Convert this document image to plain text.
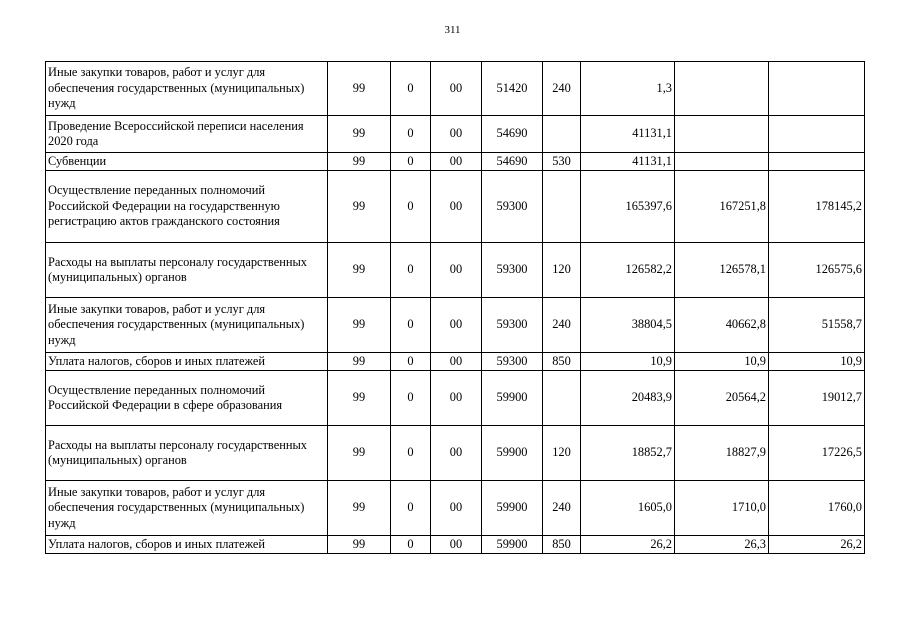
311
Иные закупки товаров, работ и услуг для обеспечения государственных (муниципальных) нужд	99	0	00	51420	240	1,3		
Проведение Всероссийской переписи населения 2020 года	99	0	00	54690		41131,1		
Субвенции	99	0	00	54690	530	41131,1		
Осуществление переданных полномочий Российской Федерации на государственную регистрацию актов гражданского состояния	99	0	00	59300		165397,6	167251,8	178145,2
Расходы на выплаты персоналу государственных (муниципальных) органов	99	0	00	59300	120	126582,2	126578,1	126575,6
Иные закупки товаров, работ и услуг для обеспечения государственных (муниципальных) нужд	99	0	00	59300	240	38804,5	40662,8	51558,7
Уплата налогов, сборов и иных платежей	99	0	00	59300	850	10,9	10,9	10,9
Осуществление переданных полномочий Российской Федерации в сфере образования	99	0	00	59900		20483,9	20564,2	19012,7
Расходы на выплаты персоналу государственных (муниципальных) органов	99	0	00	59900	120	18852,7	18827,9	17226,5
Иные закупки товаров, работ и услуг для обеспечения государственных (муниципальных) нужд	99	0	00	59900	240	1605,0	1710,0	1760,0
Уплата налогов, сборов и иных платежей	99	0	00	59900	850	26,2	26,3	26,2
